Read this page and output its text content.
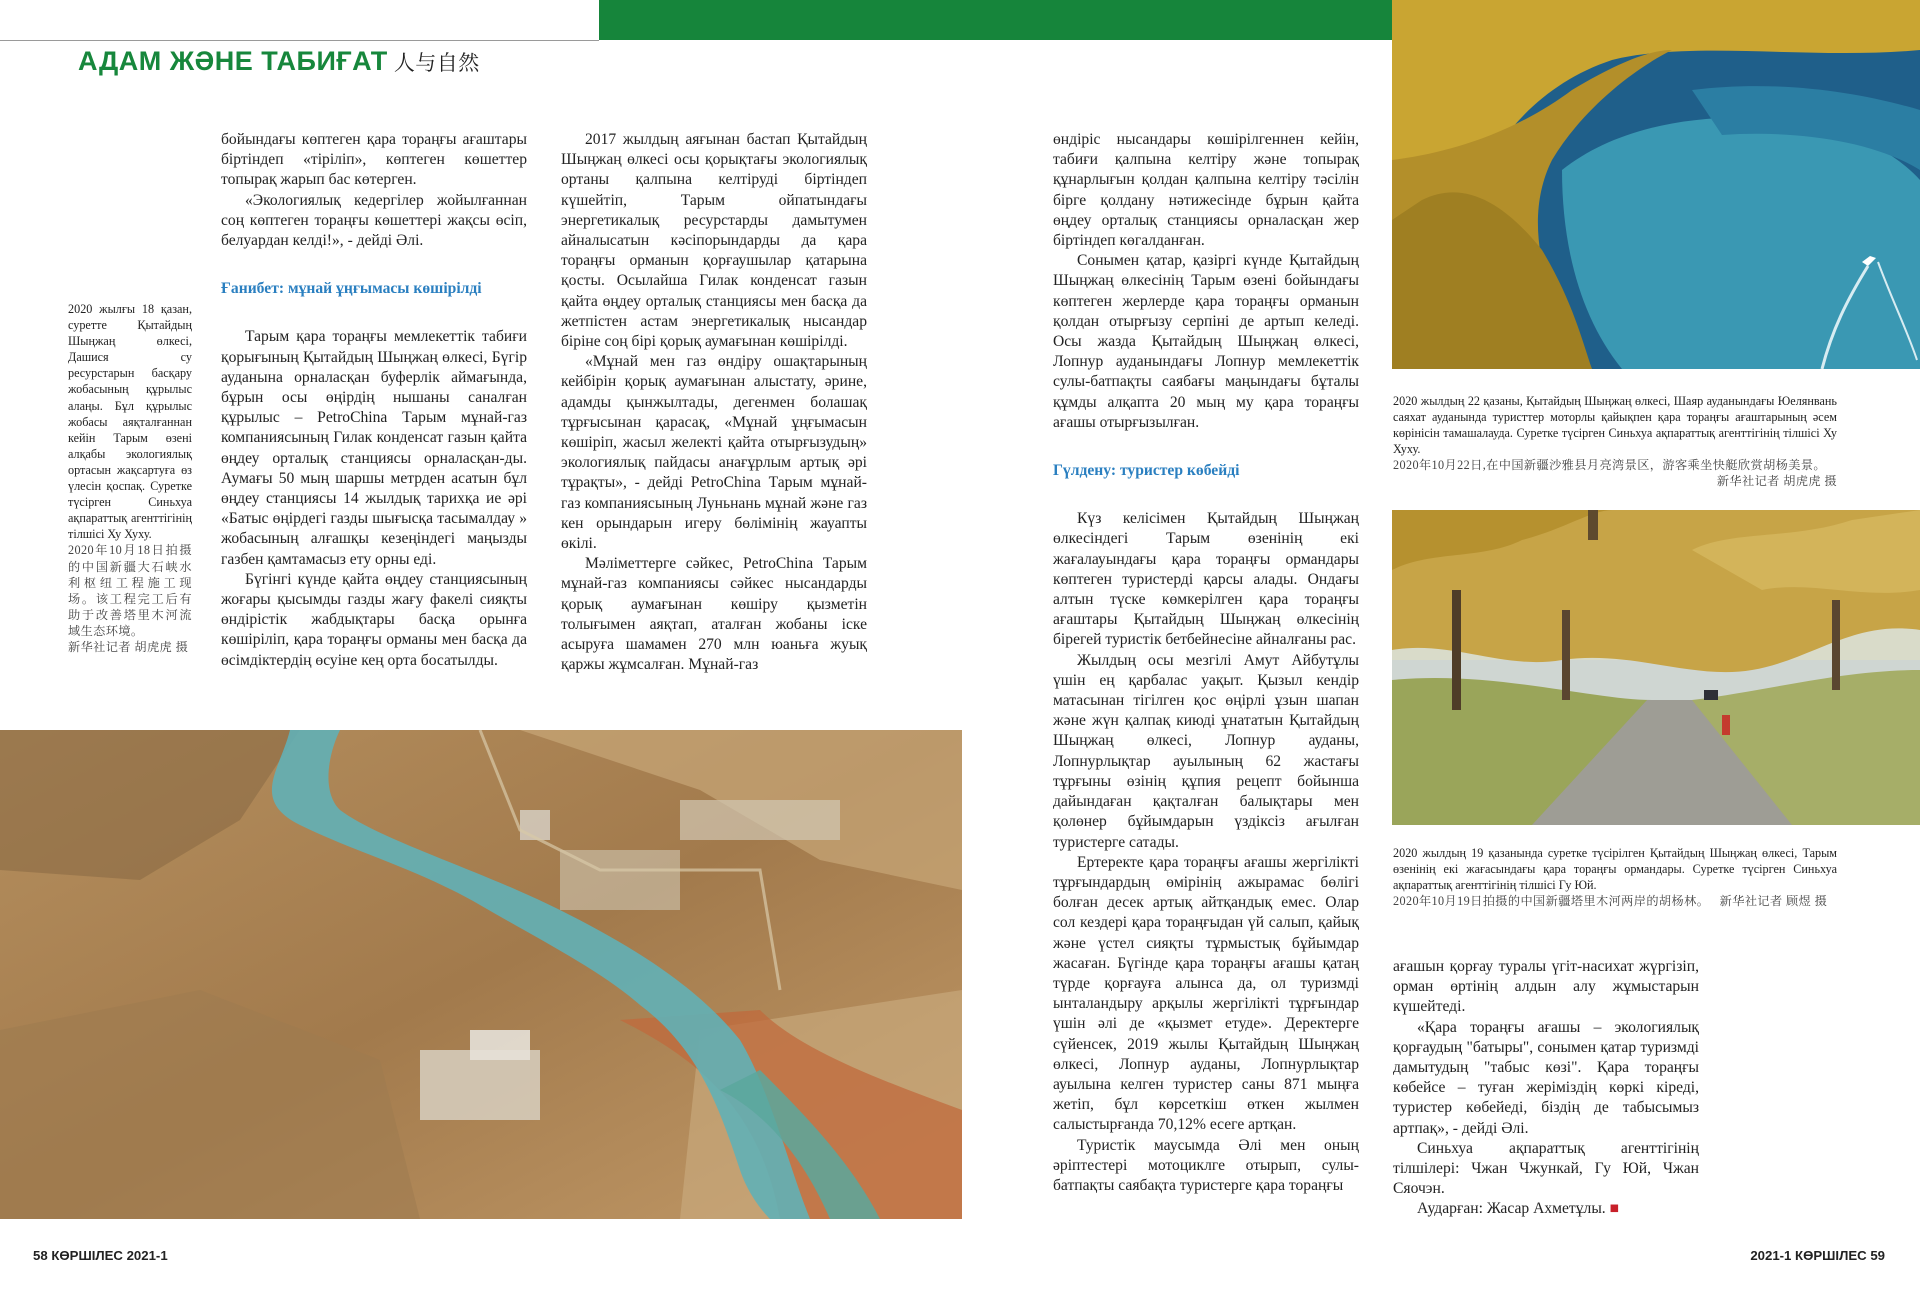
АДАМ ЖӘНЕ ТАБИҒАТ 人与自然
2020 жылғы 18 қазан, суретте Қытайдың Шыңжаң өлкесі, Дашися су ресурстарын басқару жобасының құрылыс алаңы. Бұл құрылыс жобасы аяқталғаннан кейін Тарым өзені алқабы экологиялық ортасын жақсартуға өз үлесін қоспақ. Суретке түсірген Синьхуа ақпараттық агенттігінің тілшісі Ху Хуху.
2020年10月18日拍摄的中国新疆大石峡水利枢纽工程施工现场。该工程完工后有助于改善塔里木河流域生态环境。
新华社记者 胡虎虎 摄

бойындағы көптеген қара тораңғы ағаштары біртіндеп «тіріліп», көптеген көшеттер топырақ жарып бас көтерген.

«Экологиялық кедергілер жойылғаннан соң көптеген тораңғы көшеттері жақсы өсіп, белуардан келді!», - дейді Әлі.

Ғанибет: мұнай ұңғымасы көшірілді

Тарым қара тораңғы мемлекеттік табиғи қорығының Қытайдың Шыңжаң өлкесі, Бүгір ауданына орналасқан буферлік аймағында, бұрын осы өңірдің нышаны саналған құрылыс – PetroChina Тарым мұнай-газ компаниясының Гилак конденсат газын қайта өңдеу орталық станциясы орналасқан-ды. Аумағы 50 мың шаршы метрден асатын бұл өңдеу станциясы 14 жылдық тарихқа ие әрі «Батыс өңірдегі газды шығысқа тасымалдау » жобасының алғашқы кезеңіндегі маңызды газбен қамтамасыз ету орны еді.

Бүгінгі күнде қайта өңдеу станциясының жоғары қысымды газды жағу факелі сияқты өндірістік жабдықтары басқа орынға көшіріліп, қара тораңғы орманы мен басқа да өсімдіктердің өсуіне кең орта босатылды.

2017 жылдың аяғынан бастап Қытайдың Шыңжаң өлкесі осы қорықтағы экологиялық ортаны қалпына келтіруді біртіндеп күшейтіп, Тарым ойпатындағы энергетикалық ресурстарды дамытумен айналысатын кәсіпорындарды да қара тораңғы орманын қорғаушылар қатарына қосты. Осылайша Гилак конденсат газын қайта өңдеу орталық станциясы мен басқа да жетпістен астам энергетикалық нысандар біріне соң бірі қорық аумағынан көшірілді.

«Мұнай мен газ өндіру ошақтарының кейбірін қорық аумағынан алыстату, әрине, адамды қынжылтады, дегенмен болашақ тұрғысынан қарасақ, «Мұнай ұңғымасын көшіріп, жасыл желекті қайта отырғызудың» экологиялық пайдасы анағұрлым артық әрі тұрақты», - дейді PetroChina Тарым мұнай-газ компаниясының Луньнань мұнай және газ кен орындарын игеру бөлімінің жауапты өкілі.

Мәліметтерге сәйкес, PetroChina Тарым мұнай-газ компаниясы сәйкес нысандарды қорық аумағынан көшіру қызметін толығымен аяқтап, аталған жобаны іске асыруға шамамен 270 млн юаньға жуық қаржы жұмсалған. Мұнай-газ

өндіріс нысандары көшірілгеннен кейін, табиғи қалпына келтіру және топырақ құнарлығын қолдан қалпына келтіру тәсілін бірге қолдану нәтижесінде бұрын қайта өңдеу орталық станциясы орналасқан жер біртіндеп көгалданған.

Сонымен қатар, қазіргі күнде Қытайдың Шыңжаң өлкесінің Тарым өзені бойындағы көптеген жерлерде қара тораңғы орманын қолдан отырғызу серпіні де артып келеді. Осы жазда Қытайдың Шыңжаң өлкесі, Лопнур ауданындағы Лопнур мемлекеттік сулы-батпақты саябағы маңындағы бұталы құмды алқапта 20 мың му қара тораңғы ағашы отырғызылған.

Гүлдену: туристер көбейді

Күз келісімен Қытайдың Шыңжаң өлкесіндегі Тарым өзенінің екі жағалауындағы қара тораңғы ормандары көптеген туристерді қарсы алады. Ондағы алтын түске көмкерілген қара тораңғы ағаштары Қытайдың Шыңжаң өлкесінің бірегей туристік бетбейнесіне айналғаны рас.

Жылдың осы мезгілі Амут Айбутұлы үшін ең қарбалас уақыт. Қызыл кендір матасынан тігілген қос өңірлі ұзын шапан және жүн қалпақ киюді ұнататын Қытайдың Шыңжаң өлкесі, Лопнур ауданы, Лопнурлықтар ауылының 62 жастағы тұрғыны өзінің құпия рецепт бойынша дайындаған қақталған балықтары мен қолөнер бұйымдарын үздіксіз ағылған туристерге сатады.

Ертеректе қара тораңғы ағашы жергілікті тұрғындардың өмірінің ажырамас бөлігі болған десек артық айтқандық емес. Олар сол кездері қара тораңғыдан үй салып, қайық және үстел сияқты тұрмыстық бұйымдар жасаған. Бүгінде қара тораңғы ағашы қатаң түрде қорғауға алынса да, ол туризмді ынталандыру арқылы жергілікті тұрғындар үшін әлі де «қызмет етуде». Деректерге сүйенсек, 2019 жылы Қытайдың Шыңжаң өлкесі, Лопнур ауданы, Лопнурлықтар ауылына келген туристер саны 871 мыңға жетіп, бұл көрсеткіш өткен жылмен салыстырғанда 70,12% есеге артқан.

Туристік маусымда Әлі мен оның әріптестері мотоциклге отырып, сулы-батпақты саябақта туристерге қара тораңғы

ағашын қорғау туралы үгіт-насихат жүргізіп, орман өртінің алдын алу жұмыстарын күшейтеді.

«Қара тораңғы ағашы – экологиялық қорғаудың "батыры", сонымен қатар туризмді дамытудың "табыс көзі". Қара тораңғы көбейсе – туған жеріміздің көркі кіреді, туристер көбейеді, біздің де табысымыз артпақ», - дейді Әлі.

Синьхуа ақпараттық агенттігінің тілшілері: Чжан Чжункай, Гу Юй, Чжан Сяочэн.

Аударған: Жасар Ахметұлы. ■

2020 жылдың 22 қазаны, Қытайдың Шыңжаң өлкесі, Шаяр ауданындағы Юелянвань саяхат ауданында туристтер моторлы қайықпен қара тораңғы ағаштарының әсем көрінісін тамашалауда. Суретке түсірген Синьхуа ақпараттық агенттігінің тілшісі Ху Хуху.
2020年10月22日,在中国新疆沙雅县月亮湾景区，游客乘坐快艇欣赏胡杨美景。
新华社记者 胡虎虎 摄
2020 жылдың 19 қазанында суретке түсірілген Қытайдың Шыңжаң өлкесі, Тарым өзенінің екі жағасындағы қара тораңғы ормандары. Суретке түсірген Синьхуа ақпараттық агенттігінің тілшісі Гу Юй.
2020年10月19日拍摄的中国新疆塔里木河两岸的胡杨林。 新华社记者 顾煜 摄
58 КӨРШІЛЕС 2021-1	2021-1 КӨРШІЛЕС 59
